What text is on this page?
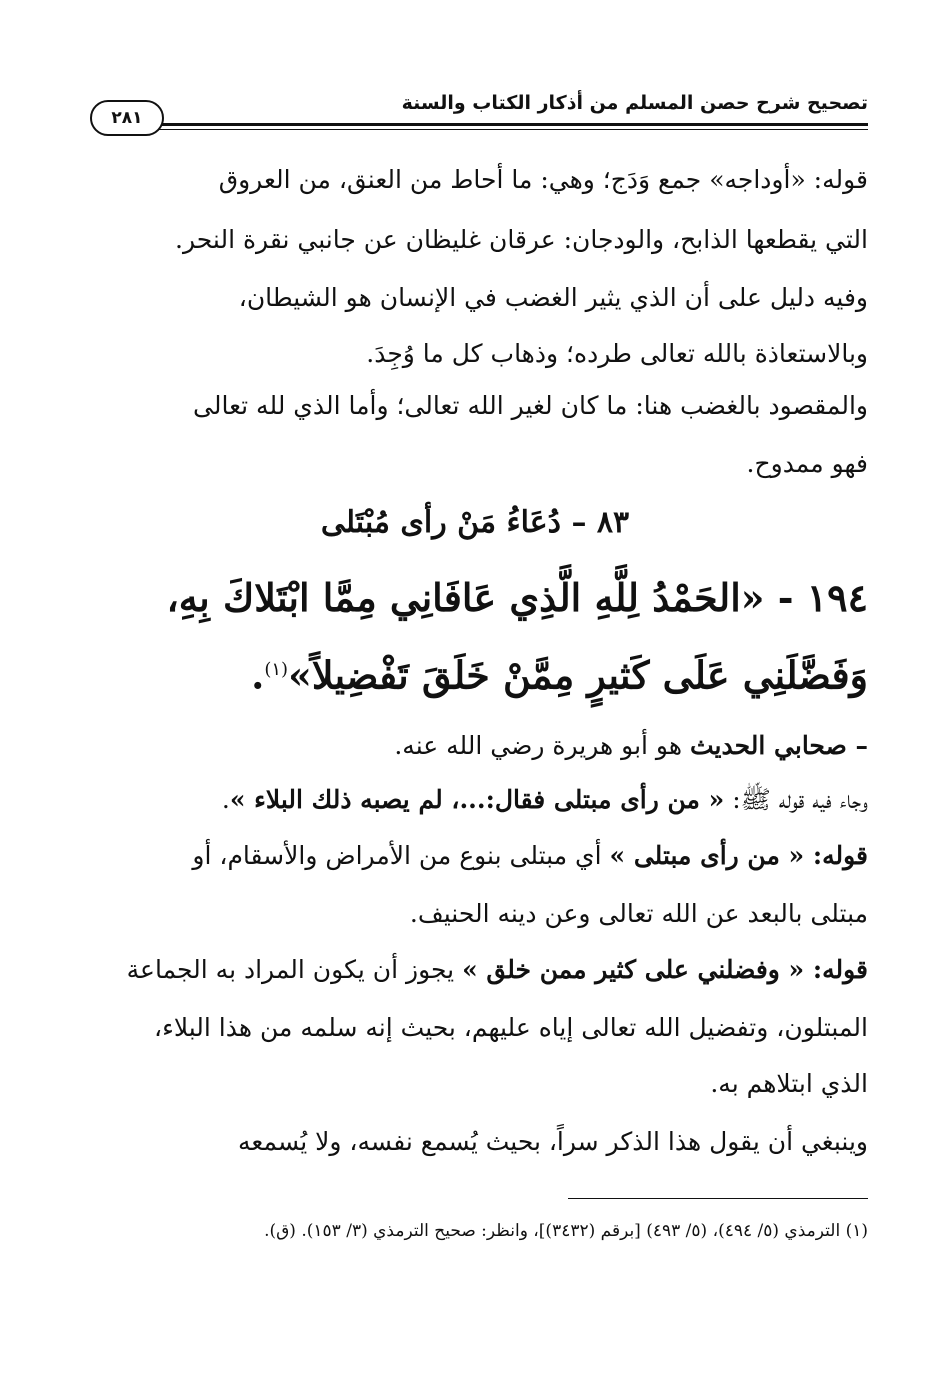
تصحيح شرح حصن المسلم من أذكار الكتاب والسنة
٢٨١
قوله: «أوداجه» جمع وَدَج؛ وهي: ما أحاط من العنق، من العروق
التي يقطعها الذابح، والودجان: عرقان غليظان عن جانبي نقرة النحر.
وفيه دليل على أن الذي يثير الغضب في الإنسان هو الشيطان،
وبالاستعاذة بالله تعالى طرده؛ وذهاب كل ما وُجِدَ.
والمقصود بالغضب هنا: ما كان لغير الله تعالى؛ وأما الذي لله تعالى
فهو ممدوح.
٨٣ – دُعَاءُ مَنْ رأى مُبْتَلى
١٩٤ - «الحَمْدُ لِلَّهِ الَّذِي عَافَانِي مِمَّا ابْتَلاكَ بِهِ،
وَفَضَّلَنِي عَلَى كَثيرٍ مِمَّنْ خَلَقَ تَفْضِيلاً»$^{(١)}$.
– صحابي الحديث هو أبو هريرة رضي الله عنه.
وجاء فيه قوله ﷺ: « من رأى مبتلى فقال:...، لم يصبه ذلك البلاء ».
قوله: « من رأى مبتلى » أي مبتلى بنوع من الأمراض والأسقام، أو
مبتلى بالبعد عن الله تعالى وعن دينه الحنيف.
قوله: « وفضلني على كثير ممن خلق » يجوز أن يكون المراد به الجماعة
المبتلون، وتفضيل الله تعالى إياه عليهم، بحيث إنه سلمه من هذا البلاء،
الذي ابتلاهم به.
وينبغي أن يقول هذا الذكر سراً، بحيث يُسمع نفسه، ولا يُسمعه
(١) الترمذي (٥/ ٤٩٤)، (٥/ ٤٩٣) [برقم (٣٤٣٢)]، وانظر: صحيح الترمذي (٣/ ١٥٣). (ق).
